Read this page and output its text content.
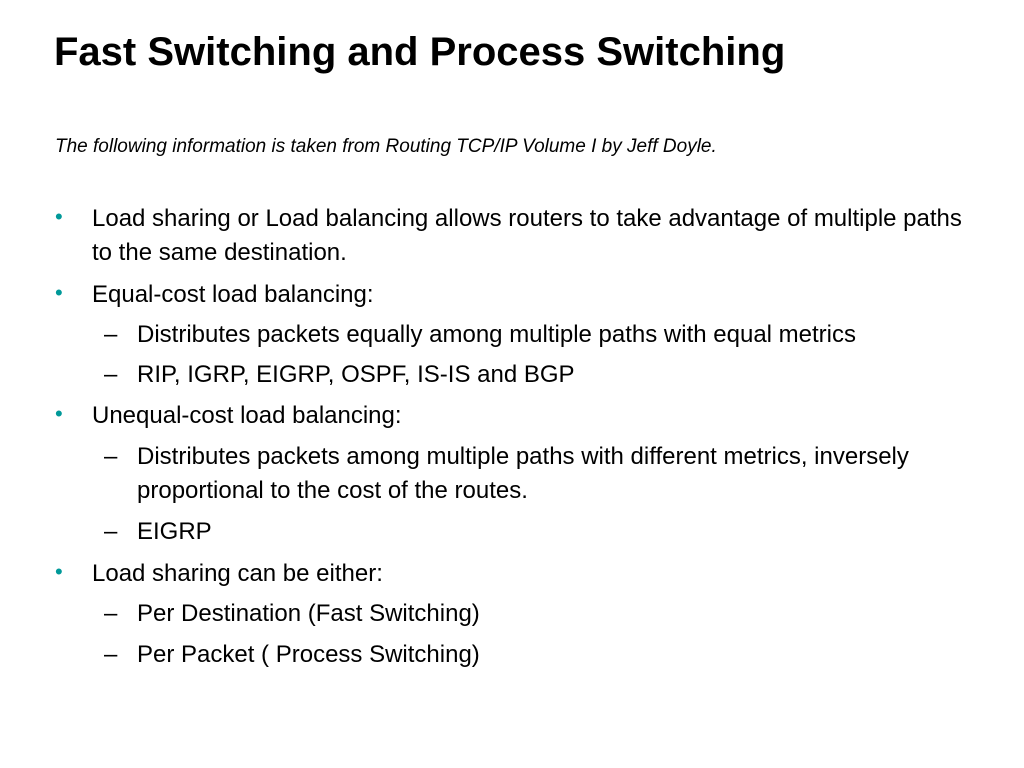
Fast Switching and Process Switching

The following information is taken from Routing TCP/IP Volume I by Jeff Doyle.

• Load sharing or Load balancing allows routers to take advantage of multiple paths to the same destination.
• Equal-cost load balancing:
– Distributes packets equally among multiple paths with equal metrics
– RIP, IGRP, EIGRP, OSPF, IS-IS and BGP
• Unequal-cost load balancing:
– Distributes packets among multiple paths with different metrics, inversely proportional to the cost of the routes.
– EIGRP
• Load sharing can be either:
– Per Destination (Fast Switching)
– Per Packet ( Process Switching)
